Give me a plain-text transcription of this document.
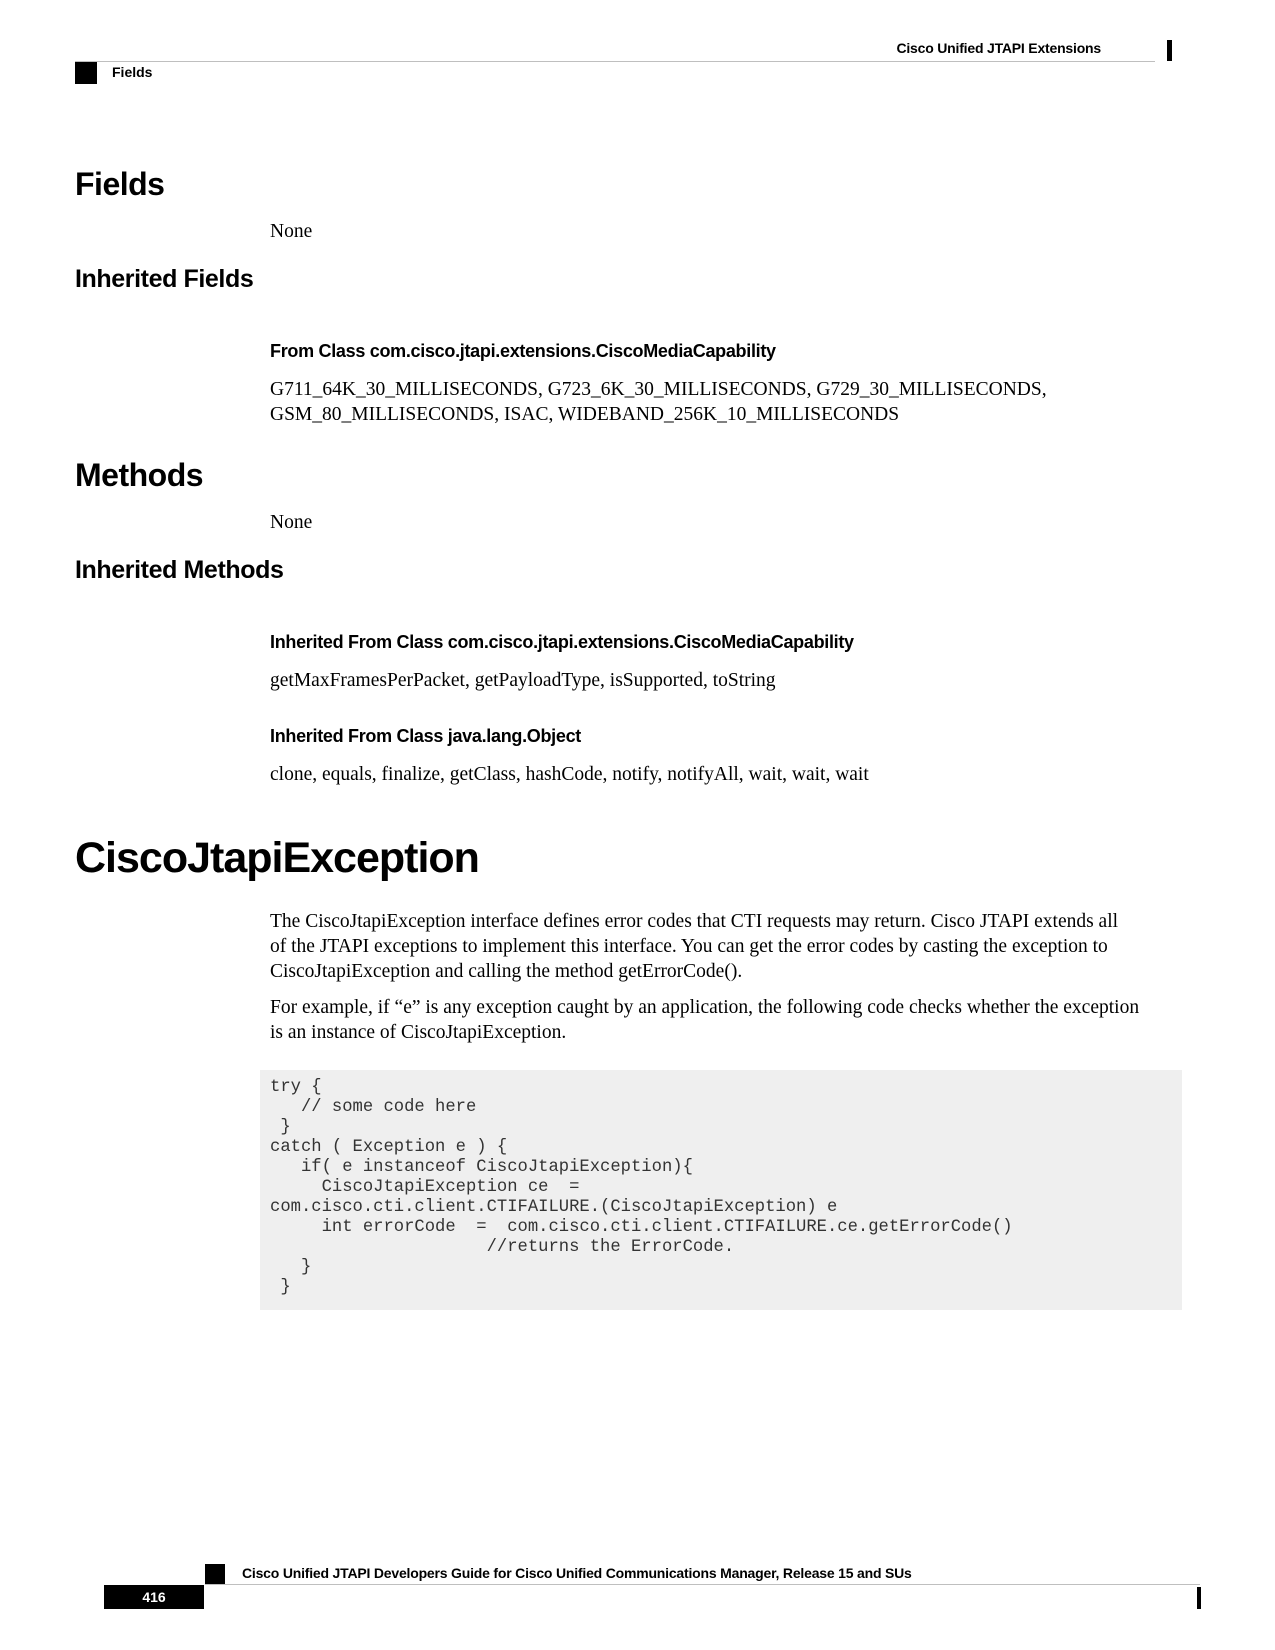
Cisco Unified JTAPI Extensions
Fields
Fields
None
Inherited Fields
From Class com.cisco.jtapi.extensions.CiscoMediaCapability
G711_64K_30_MILLISECONDS, G723_6K_30_MILLISECONDS, G729_30_MILLISECONDS,
GSM_80_MILLISECONDS, ISAC, WIDEBAND_256K_10_MILLISECONDS
Methods
None
Inherited Methods
Inherited From Class com.cisco.jtapi.extensions.CiscoMediaCapability
getMaxFramesPerPacket, getPayloadType, isSupported, toString
Inherited From Class java.lang.Object
clone, equals, finalize, getClass, hashCode, notify, notifyAll, wait, wait, wait
CiscoJtapiException
The CiscoJtapiException interface defines error codes that CTI requests may return. Cisco JTAPI extends all
of the JTAPI exceptions to implement this interface. You can get the error codes by casting the exception to
CiscoJtapiException and calling the method getErrorCode().
For example, if “e” is any exception caught by an application, the following code checks whether the exception
is an instance of CiscoJtapiException.
try {
// some code here
}
catch ( Exception e ) {
if( e instanceof CiscoJtapiException){
CiscoJtapiException ce  =
com.cisco.cti.client.CTIFAILURE.(CiscoJtapiException) e
int errorCode  =  com.cisco.cti.client.CTIFAILURE.ce.getErrorCode()
//returns the ErrorCode.
}
}
Cisco Unified JTAPI Developers Guide for Cisco Unified Communications Manager, Release 15 and SUs
416
